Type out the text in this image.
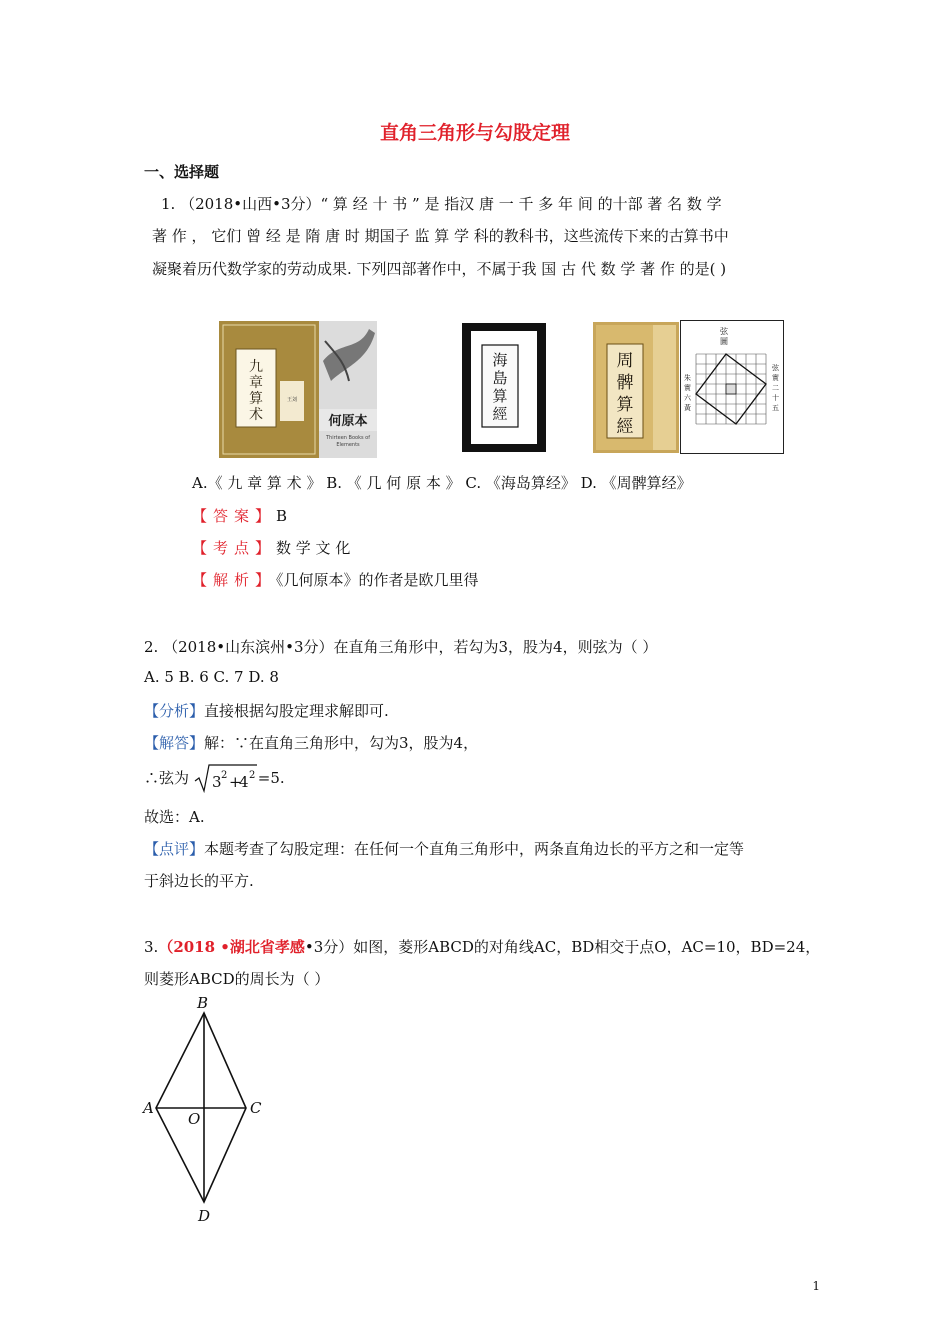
直角三角形与勾股定理
一、选择题
1. （2018•山西•3分）“ 算 经 十 书 ” 是 指汉 唐 一 千 多 年 间 的十部 著 名 数 学
著 作 ， 它们 曾 经 是 隋 唐 时 期国子 监 算 学 科的教科书，这些流传下来的古算书中
凝聚着历代数学家的劳动成果. 下列四部著作中，不属于我 国 古 代 数 学 著 作 的是( )
九
章
算
术
王刘
何原本
Thirteen Books of
Elements
海
島
算
經
周
髀
算
經
弦
圖
朱
實
六
黃
弦
實
二
十
五
A.《 九 章 算 术 》 B. 《 几 何 原 本 》 C. 《海岛算经》 D. 《周髀算经》
【答案】B
【考点】数 学 文 化
【解析】《几何原本》的作者是欧几里得
2. （2018•山东滨州•3分）在直角三角形中，若勾为3，股为4，则弦为（ ）
A. 5 B. 6 C. 7 D. 8
【分析】直接根据勾股定理求解即可.
【解答】解：∵在直角三角形中，勾为3，股为4，
∴弦为 3 2 +
4 2 =5.
故选：A.
【点评】本题考查了勾股定理：在任何一个直角三角形中，两条直角边长的平方之和一定等
于斜边长的平方.
3.（2018 •湖北省孝感•3分）如图，菱形ABCD的对角线AC，BD相交于点O，AC=10，BD=24，
则菱形ABCD的周长为（ ）
B
A	C
O
D
1
